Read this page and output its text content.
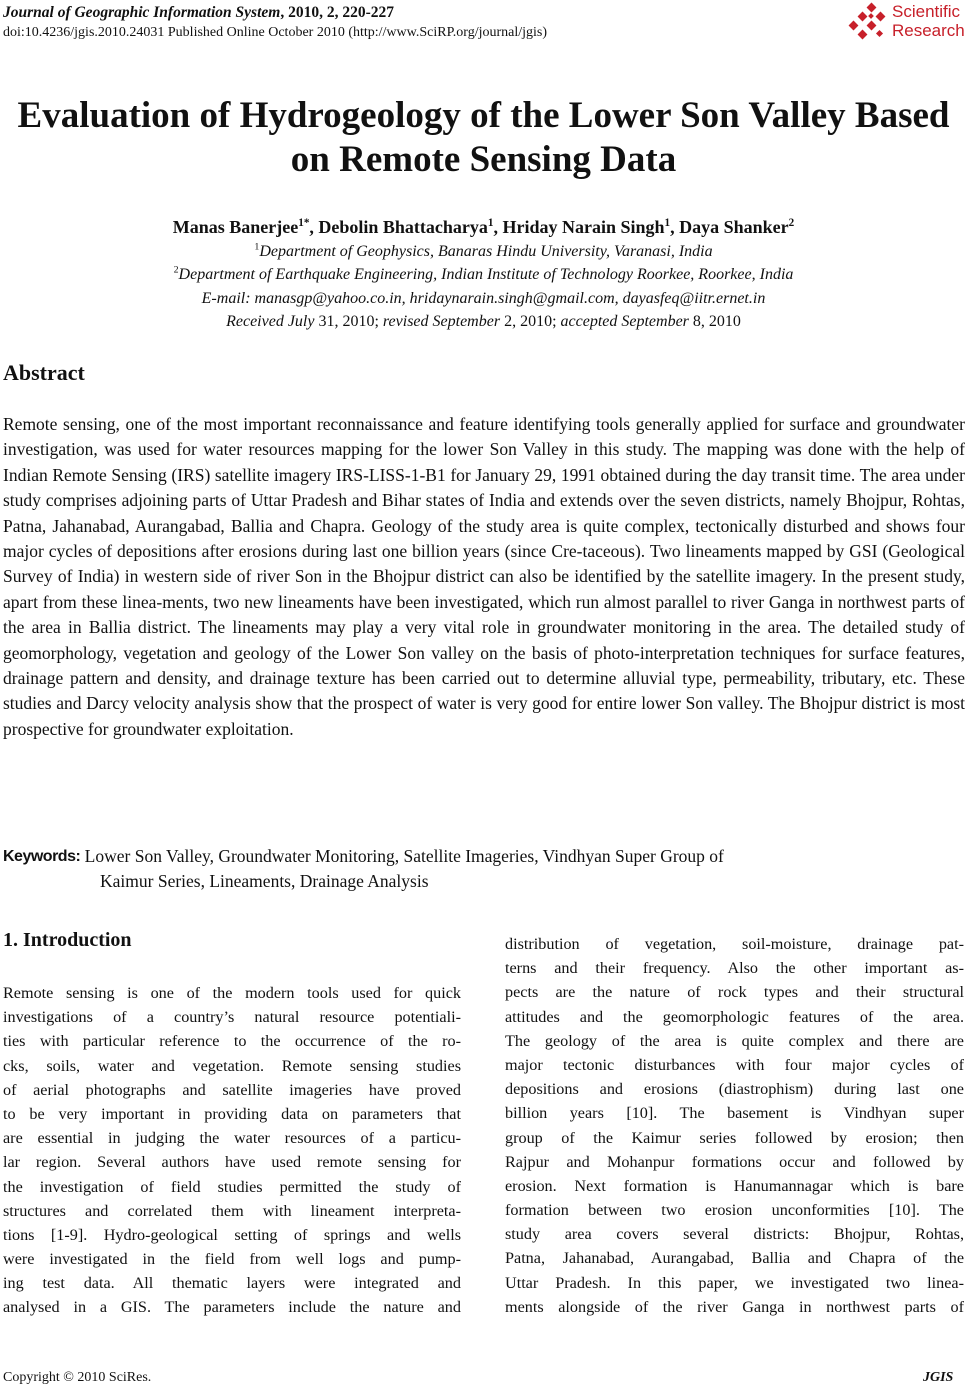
Journal of Geographic Information System, 2010, 2, 220-227
doi:10.4236/jgis.2010.24031 Published Online October 2010 (http://www.SciRP.org/journal/jgis)
Scientific
Research
Evaluation of Hydrogeology of the Lower Son Valley Based
on Remote Sensing Data
Manas Banerjee$^{1*}$, Debolin Bhattacharya$^1$, Hriday Narain Singh$^1$, Daya Shanker$^2$
$^1$Department of Geophysics, Banaras Hindu University, Varanasi, India
$^2$Department of Earthquake Engineering, Indian Institute of Technology Roorkee, Roorkee, India
E-mail: manasgp@yahoo.co.in, hridaynarain.singh@gmail.com, dayasfeq@iitr.ernet.in
Received July 31, 2010; revised September 2, 2010; accepted September 8, 2010
Abstract
Remote sensing, one of the most important reconnaissance and feature identifying tools generally applied for surface and groundwater investigation, was used for water resources mapping for the lower Son Valley in this study. The mapping was done with the help of Indian Remote Sensing (IRS) satellite imagery IRS-LISS-1-B1 for January 29, 1991 obtained during the day transit time. The area under study comprises adjoining parts of Uttar Pradesh and Bihar states of India and extends over the seven districts, namely Bhojpur, Rohtas, Patna, Jahanabad, Aurangabad, Ballia and Chapra. Geology of the study area is quite complex, tectonically disturbed and shows four major cycles of depositions after erosions during last one billion years (since Cre-taceous). Two lineaments mapped by GSI (Geological Survey of India) in western side of river Son in the Bhojpur district can also be identified by the satellite imagery. In the present study, apart from these linea-ments, two new lineaments have been investigated, which run almost parallel to river Ganga in northwest parts of the area in Ballia district. The lineaments may play a very vital role in groundwater monitoring in the area. The detailed study of geomorphology, vegetation and geology of the Lower Son valley on the basis of photo-interpretation techniques for surface features, drainage pattern and density, and drainage texture has been carried out to determine alluvial type, permeability, tributary, etc. These studies and Darcy velocity analysis show that the prospect of water is very good for entire lower Son valley. The Bhojpur district is most prospective for groundwater exploitation.
Keywords:
Lower Son Valley, Groundwater Monitoring, Satellite Imageries, Vindhyan Super Group of
Kaimur Series, Lineaments, Drainage Analysis
1. Introduction
Remote sensing is one of the modern tools used for quick
investigations of a country’s natural resource potentiali-
ties with particular reference to the occurrence of the ro-
cks, soils, water and vegetation. Remote sensing studies
of aerial photographs and satellite imageries have proved
to be very important in providing data on parameters that
are essential in judging the water resources of a particu-
lar region. Several authors have used remote sensing for
the investigation of field studies permitted the study of
structures and correlated them with lineament interpreta-
tions [1-9]. Hydro-geological setting of springs and wells
were investigated in the field from well logs and pump-
ing test data. All thematic layers were integrated and
analysed in a GIS. The parameters include the nature and
distribution of vegetation, soil-moisture, drainage pat-
terns and their frequency. Also the other important as-
pects are the nature of rock types and their structural
attitudes and the geomorphologic features of the area.
The geology of the area is quite complex and there are
major tectonic disturbances with four major cycles of
depositions and erosions (diastrophism) during last one
billion years [10]. The basement is Vindhyan super
group of the Kaimur series followed by erosion; then
Rajpur and Mohanpur formations occur and followed by
erosion. Next formation is Hanumannagar which is bare
formation between two erosion unconformities [10]. The
study area covers several districts: Bhojpur, Rohtas,
Patna, Jahanabad, Aurangabad, Ballia and Chapra of the
Uttar Pradesh. In this paper, we investigated two linea-
ments alongside of the river Ganga in northwest parts of
Copyright © 2010 SciRes.	JGIS
